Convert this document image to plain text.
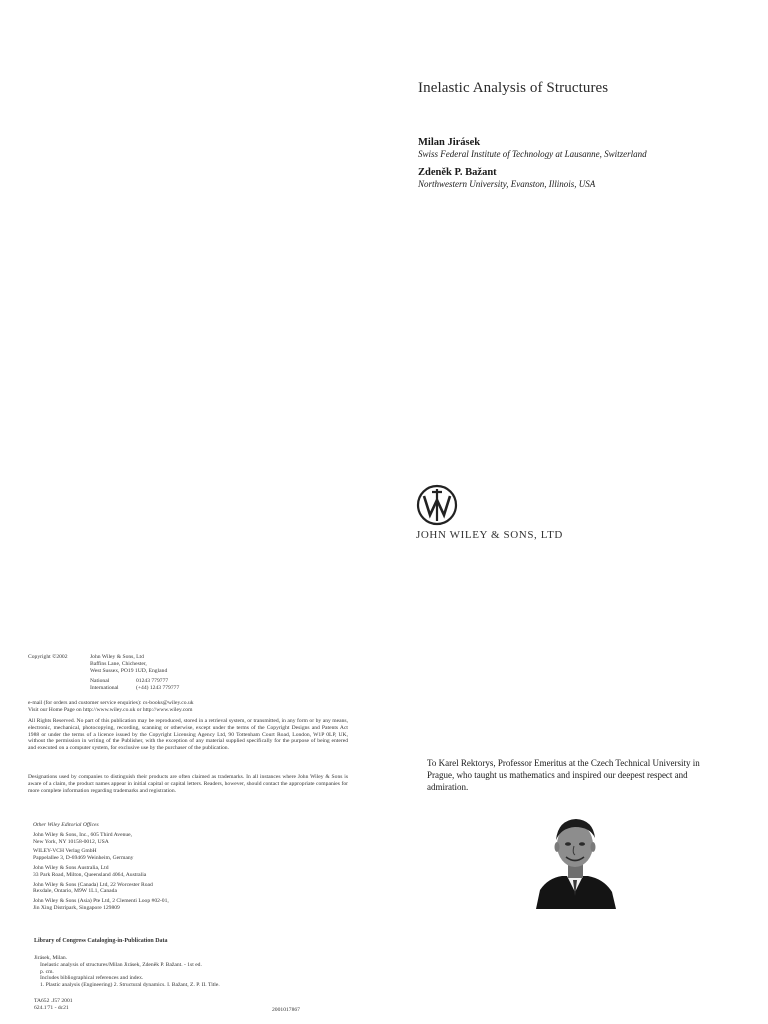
Inelastic Analysis of Structures
Milan Jirásek
Swiss Federal Institute of Technology at Lausanne, Switzerland
Zdeněk P. Bažant
Northwestern University, Evanston, Illinois, USA
JOHN WILEY & SONS, LTD
To Karel Rektorys, Professor Emeritus at the Czech Technical University in Prague, who taught us mathematics and inspired our deepest respect and admiration.
Copyright ©2002	John Wiley & Sons, Ltd
Baffins Lane, Chichester,
West Sussex, PO19 1UD, England
National	01243 779777
International	(+44) 1243 779777
e-mail (for orders and customer service enquiries): cs-books@wiley.co.uk
Visit our Home Page on http://www.wiley.co.uk or http://www.wiley.com
All Rights Reserved. No part of this publication may be reproduced, stored in a retrieval system, or transmitted, in any form or by any means, electronic, mechanical, photocopying, recording, scanning or otherwise, except under the terms of the Copyright Designs and Patents Act 1988 or under the terms of a licence issued by the Copyright Licensing Agency Ltd, 90 Tottenham Court Road, London, W1P 0LP, UK, without the permission in writing of the Publisher, with the exception of any material supplied specifically for the purpose of being entered and executed on a computer system, for exclusive use by the purchaser of the publication.
Designations used by companies to distinguish their products are often claimed as trademarks. In all instances where John Wiley & Sons is aware of a claim, the product names appear in initial capital or capital letters. Readers, however, should contact the appropriate companies for more complete information regarding trademarks and registration.
Other Wiley Editorial Offices
John Wiley & Sons, Inc., 605 Third Avenue,
New York, NY 10158-0012, USA
WILEY-VCH Verlag GmbH
Pappelallee 3, D-69469 Weinheim, Germany
John Wiley & Sons Australia, Ltd
33 Park Road, Milton, Queensland 4064, Australia
John Wiley & Sons (Canada) Ltd, 22 Worcester Road
Rexdale, Ontario, M9W 1L1, Canada
John Wiley & Sons (Asia) Pte Ltd, 2 Clementi Loop #02-01,
Jin Xing Distripark, Singapore 129809
Library of Congress Cataloging-in-Publication Data
Jirásek, Milan.
Inelastic analysis of structures/Milan Jirásek, Zdeněk P. Bažant. - 1st ed.
p. cm.
Includes bibliographical references and index.
1. Plastic analysis (Engineering) 2. Structural dynamics. I. Bažant, Z. P. II. Title.
TA652 .J57 2001
624.1'71 - dc21	2001017867
